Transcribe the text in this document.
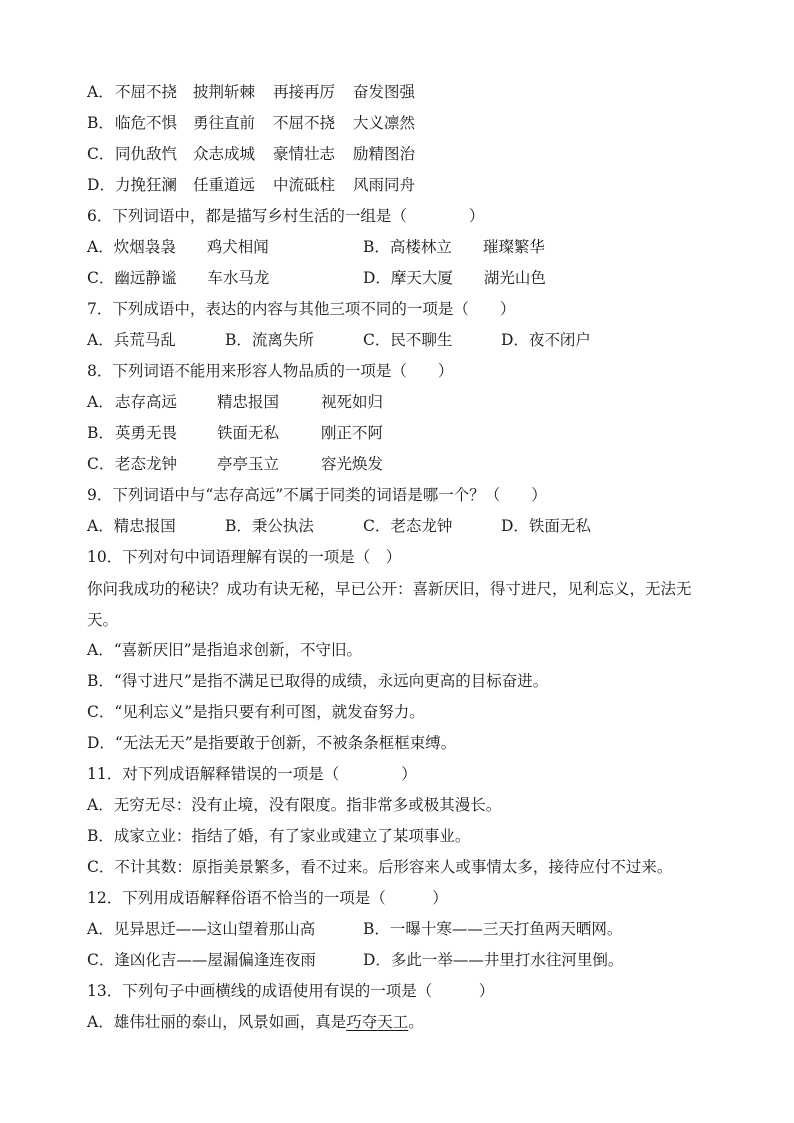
A． 不屈不挠 披荆斩棘 再接再厉 奋发图强
B． 临危不惧 勇往直前 不屈不挠 大义凛然
C． 同仇敌忾 众志成城 豪情壮志 励精图治
D． 力挽狂澜 任重道远 中流砥柱 风雨同舟
6．下列词语中，都是描写乡村生活的一组是（　　　　）
A．炊烟袅袅　　鸡犬相闻	B．高楼林立　　璀璨繁华
C．幽远静谧　　车水马龙	D．摩天大厦　　湖光山色
7．下列成语中，表达的内容与其他三项不同的一项是（　　）
A．兵荒马乱	B．流离失所	C．民不聊生	D．夜不闭户
8．下列词语不能用来形容人物品质的一项是（　　）
A． 志存高远	精忠报国	视死如归
B． 英勇无畏	铁面无私	刚正不阿
C． 老态龙钟	亭亭玉立	容光焕发
9．下列词语中与“志存高远”不属于同类的词语是哪一个？（　　）
A．精忠报国	B．秉公执法	C．老态龙钟	D．铁面无私
10．下列对句中词语理解有误的一项是（　）
你问我成功的秘诀？成功有诀无秘，早已公开：喜新厌旧，得寸进尺，见利忘义，无法无天。
A．“喜新厌旧”是指追求创新，不守旧。
B．“得寸进尺”是指不满足已取得的成绩，永远向更高的目标奋进。
C．“见利忘义”是指只要有利可图，就发奋努力。
D．“无法无天”是指要敢于创新，不被条条框框束缚。
11．对下列成语解释错误的一项是（　　　　）
A．无穷无尽：没有止境，没有限度。指非常多或极其漫长。
B．成家立业：指结了婚，有了家业或建立了某项事业。
C．不计其数：原指美景繁多，看不过来。后形容来人或事情太多，接待应付不过来。
12．下列用成语解释俗语不恰当的一项是（　　　）
A．见异思迁——这山望着那山高	B．一曝十寒——三天打鱼两天晒网。
C．逢凶化吉——屋漏偏逢连夜雨	D．多此一举——井里打水往河里倒。
13．下列句子中画横线的成语使用有误的一项是（　　　）
A．雄伟壮丽的泰山，风景如画，真是巧夺天工。
